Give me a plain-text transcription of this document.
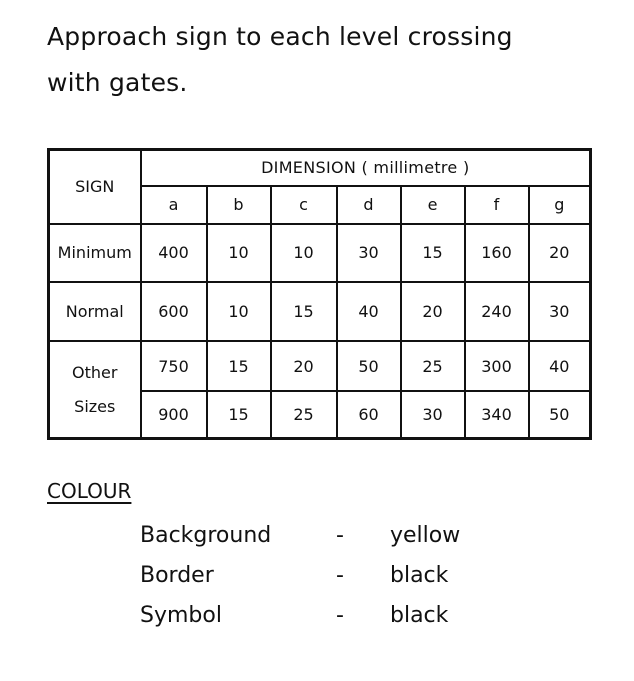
Approach sign to each level crossing
with gates.
SIGN	DIMENSION ( millimetre )						
	a	b	c	d	e	f	g
Minimum	400	10	10	30	15	160	20
Normal	600	10	15	40	20	240	30

Other
Sizes	750	15	20	50	25	300	40
	900	15	25	60	30	340	50
COLOUR
Background	- yellow
Border	- black
Symbol	- black
